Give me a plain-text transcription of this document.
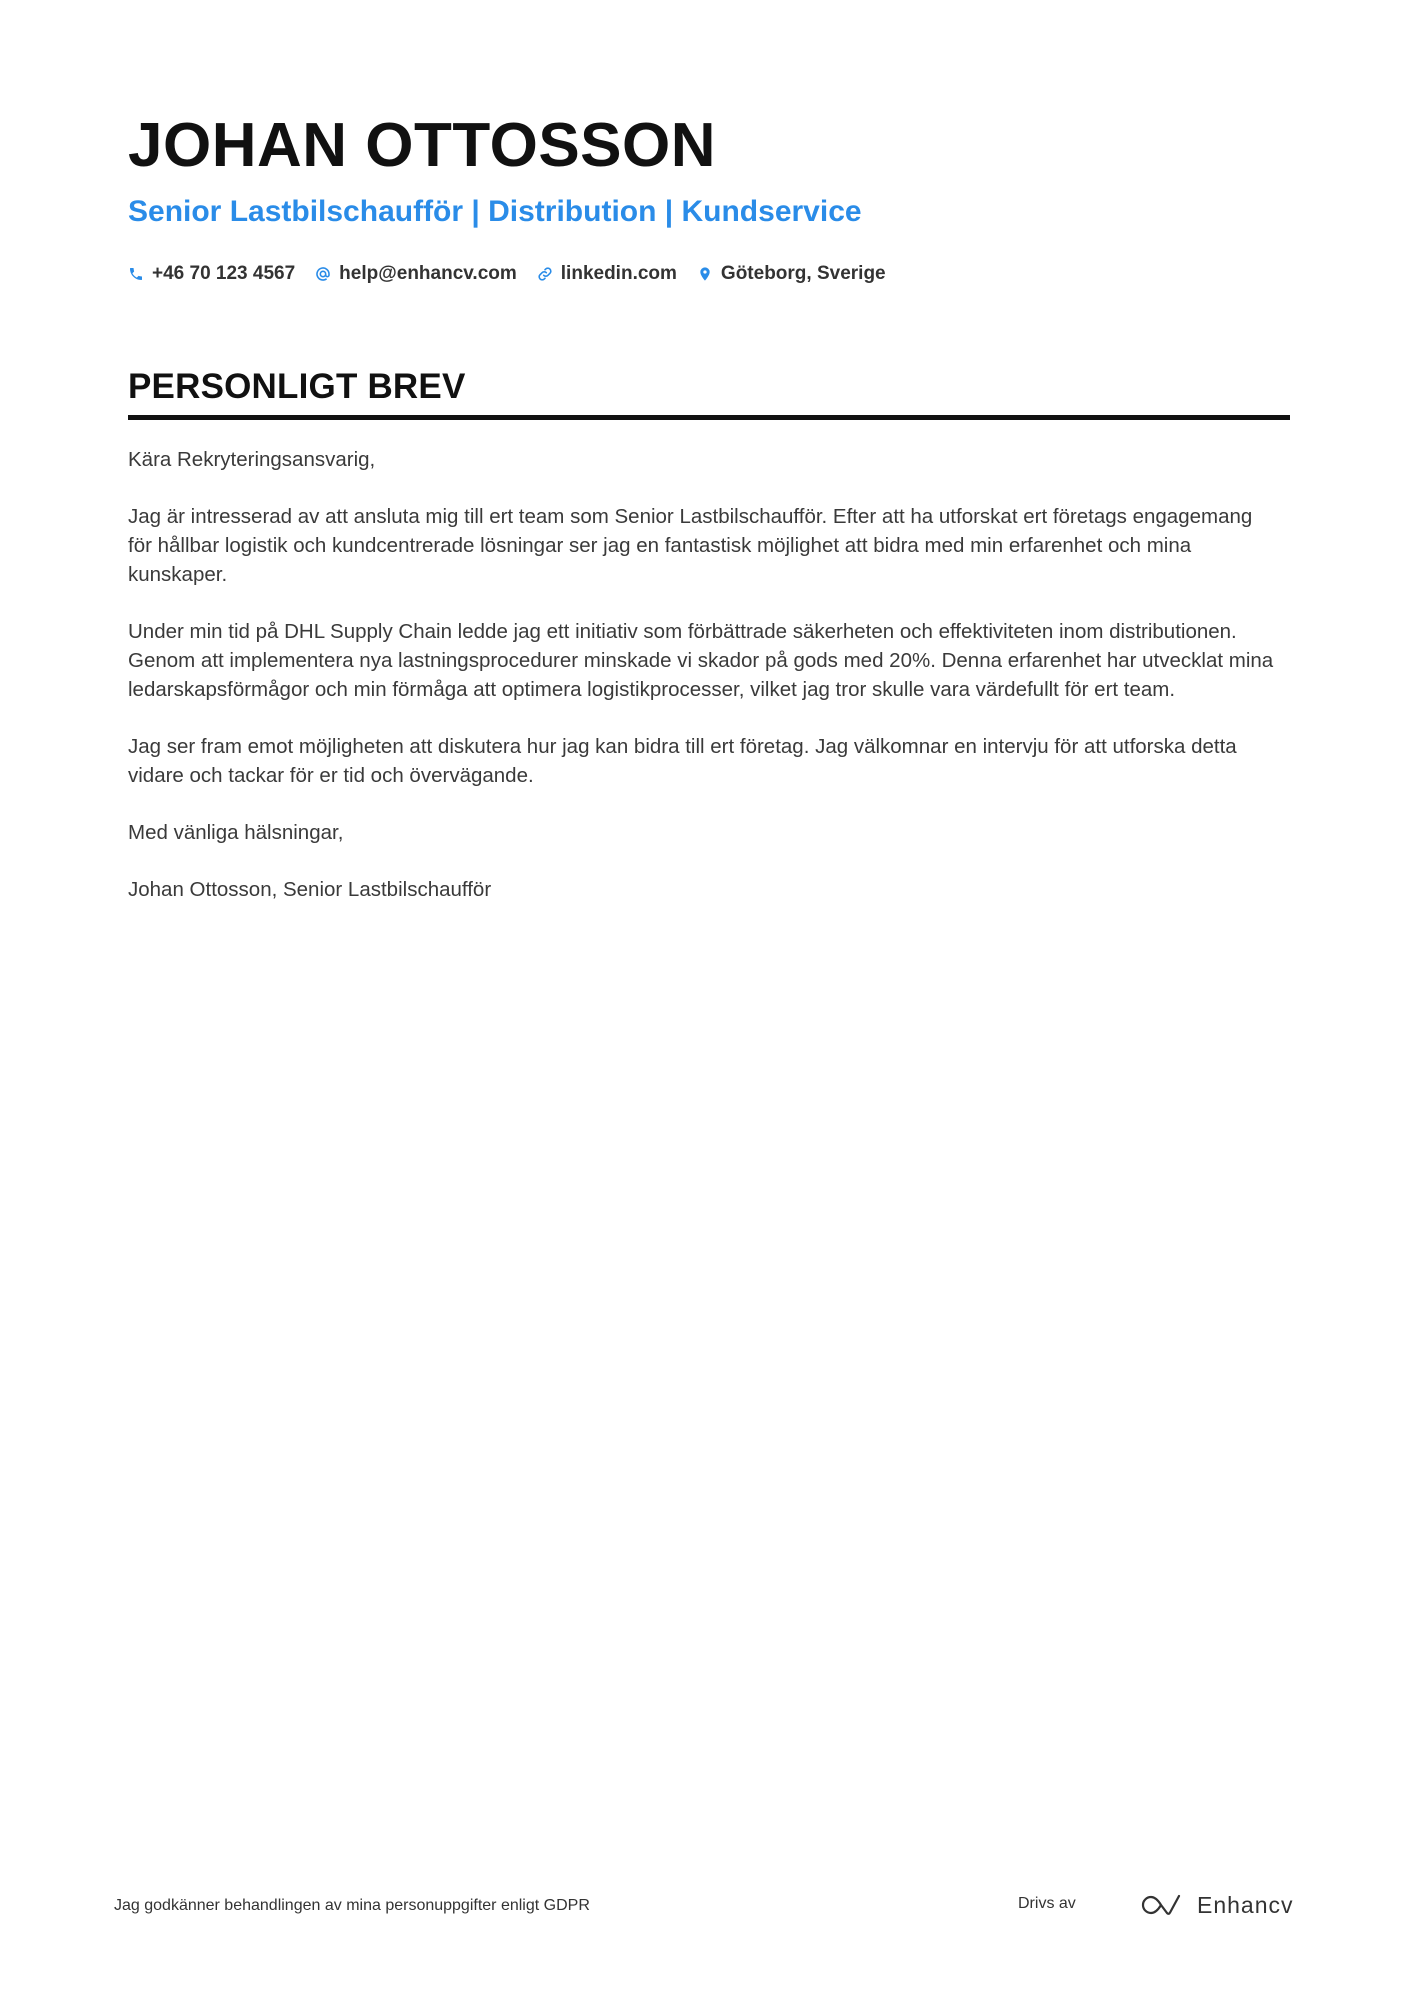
JOHAN OTTOSSON
Senior Lastbilschaufför | Distribution | Kundservice
+46 70 123 4567 help@enhancv.com linkedin.com Göteborg, Sverige
PERSONLIGT BREV

Kära Rekryteringsansvarig,

Jag är intresserad av att ansluta mig till ert team som Senior Lastbilschaufför. Efter att ha utforskat ert företags engagemang för hållbar logistik och kundcentrerade lösningar ser jag en fantastisk möjlighet att bidra med min erfarenhet och mina kunskaper.

Under min tid på DHL Supply Chain ledde jag ett initiativ som förbättrade säkerheten och effektiviteten inom distributionen. Genom att implementera nya lastningsprocedurer minskade vi skador på gods med 20%. Denna erfarenhet har utvecklat mina ledarskapsförmågor och min förmåga att optimera logistikprocesser, vilket jag tror skulle vara värdefullt för ert team.

Jag ser fram emot möjligheten att diskutera hur jag kan bidra till ert företag. Jag välkomnar en intervju för att utforska detta vidare och tackar för er tid och övervägande.

Med vänliga hälsningar,

Johan Ottosson, Senior Lastbilschaufför

Jag godkänner behandlingen av mina personuppgifter enligt GDPR	Drivs av	Enhancv
